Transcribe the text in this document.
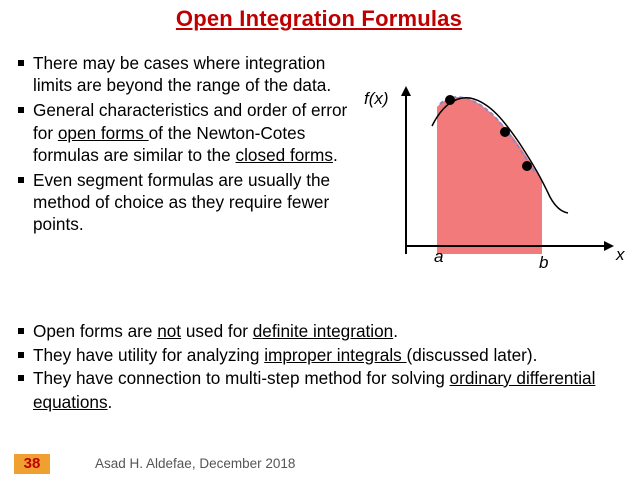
Open Integration Formulas
There may be cases where integration limits are beyond the range of the data.
General characteristics and order of error for open forms of the Newton-Cotes formulas are similar to the closed forms.
Even segment formulas are usually the method of choice as they require fewer points.
f(x)
x
a	b
Open forms are not used for definite integration.
They have utility for analyzing improper integrals (discussed later).
They have connection to multi-step method for solving ordinary differential equations.
38	Asad H. Aldefae, December 2018
